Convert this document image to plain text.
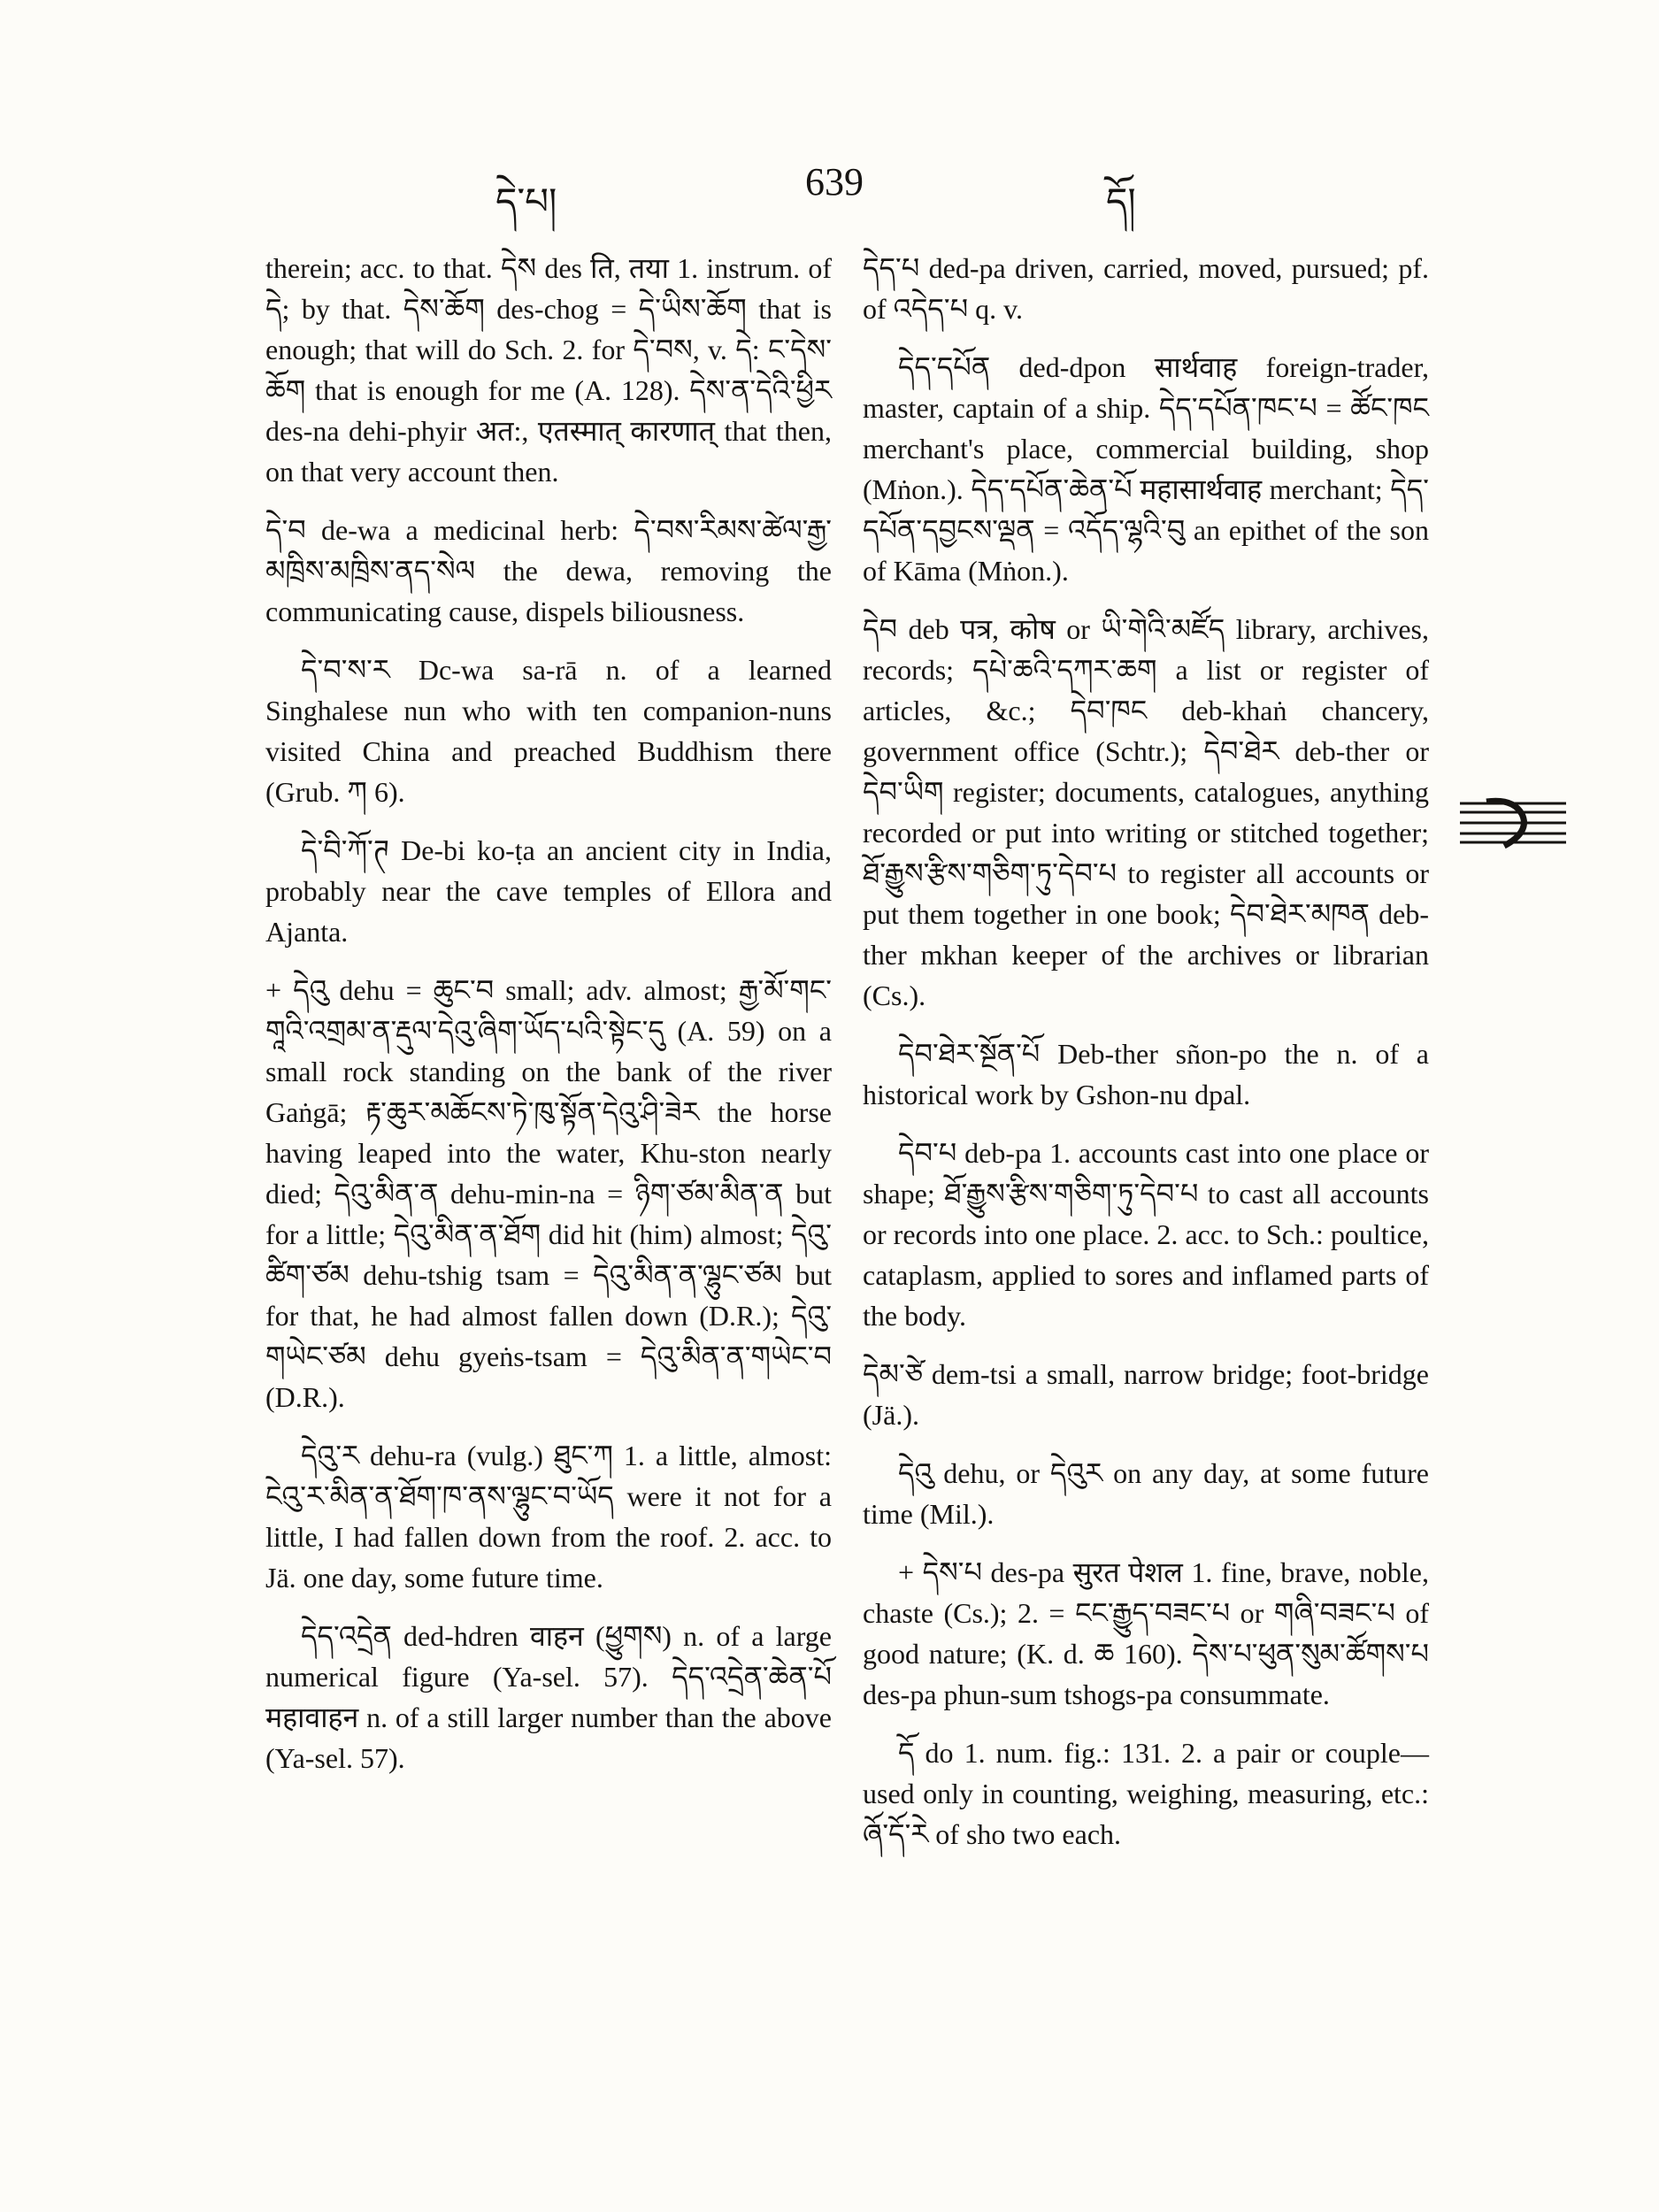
དེ་པ།	639	དོ།

therein; acc. to that. དེས des ति, तया 1. instrum. of དེ; by that. དེས་ཆོག des-chog = དེ་ཡིས་ཆོག that is enough; that will do Sch. 2. for དེ་བས, v. དེ: ང་དེས་ཆོག that is enough for me (A. 128). དེས་ན་དེའི་ཕྱིར des-na dehi-phyir अत:, एतस्मात् कारणात् that then, on that very account then.

དེ་བ de-wa a medicinal herb: དེ་བས་རིམས་ཚེལ་རྒྱ་མཁྲིས་མཁྲིས་ནད་སེལ the dewa, removing the communicating cause, dispels biliousness.

དེ་བ་ས་ར Dc-wa sa-rā n. of a learned Singhalese nun who with ten companion-nuns visited China and preached Buddhism there (Grub. ཀ 6).

དེ་བི་ཀོ་ཊ De-bi ko-ṭa an ancient city in India, probably near the cave temples of Ellora and Ajanta.

+ དེའུ dehu = ཆུང་བ small; adv. almost; རྒྱ་མོ་གང་གཱའི་འགྲམ་ན་རྡུལ་དེའུ་ཞིག་ཡོད་པའི་སྟེང་དུ (A. 59) on a small rock standing on the bank of the river Gaṅgā; རྟ་ཆུར་མཆོངས་ཏེ་ཁུ་སྟོན་དེའུ་ཤི་ཟེར the horse having leaped into the water, Khu-ston nearly died; དེའུ་མིན་ན dehu-min-na = ཉིག་ཙམ་མིན་ན but for a little; དེའུ་མིན་ན་ཐོག did hit (him) almost; དེའུ་ཚིག་ཙམ dehu-tshig tsam = དེའུ་མིན་ན་ལྷུང་ཙམ but for that, he had almost fallen down (D.R.); དེའུ་གཡེང་ཙམ dehu gyeṅs-tsam = དེའུ་མིན་ན་གཡེང་བ (D.R.).

དེའུ་ར dehu-ra (vulg.) ཐུང་ཀ 1. a little, almost: ངེའུ་ར་མིན་ན་ཐོག་ཁ་ནས་ལྷུང་བ་ཡོད were it not for a little, I had fallen down from the roof. 2. acc. to Jä. one day, some future time.

དེད་འདྲེན ded-hdren वाहन (ཕྱུགས) n. of a large numerical figure (Ya-sel. 57). དེད་འདྲེན་ཆེན་པོ महावाहन n. of a still larger number than the above (Ya-sel. 57).

དེད་པ ded-pa driven, carried, moved, pursued; pf. of འདེད་པ q. v.

དེད་དཔོན ded-dpon सार्थवाह foreign-trader, master, captain of a ship. དེད་དཔོན་ཁང་པ = ཚོང་ཁང merchant's place, commercial building, shop (Mṅon.). དེད་དཔོན་ཆེན་པོ महासार्थवाह merchant; དེད་དཔོན་དབྱངས་ལྡན = འདོད་ལྷའི་བུ an epithet of the son of Kāma (Mṅon.).

དེབ deb पत्र, कोष or ཡི་གེའི་མཛོད library, archives, records; དཔེ་ཆའི་དཀར་ཆག a list or register of articles, &c.; དེབ་ཁང deb-khaṅ chancery, government office (Schtr.); དེབ་ཐེར deb-ther or དེབ་ཡིག register; documents, catalogues, anything recorded or put into writing or stitched together; ཐོ་རྒྱུས་རྩིས་གཅིག་ཏུ་དེབ་པ to register all accounts or put them together in one book; དེབ་ཐེར་མཁན deb-ther mkhan keeper of the archives or librarian (Cs.).

དེབ་ཐེར་སྔོན་པོ Deb-ther sñon-po the n. of a historical work by Gshon-nu dpal.

དེབ་པ deb-pa 1. accounts cast into one place or shape; ཐོ་རྒྱུས་རྩིས་གཅིག་ཏུ་དེབ་པ to cast all accounts or records into one place. 2. acc. to Sch.: poultice, cataplasm, applied to sores and inflamed parts of the body.

དེམ་ཙེ dem-tsi a small, narrow bridge; foot-bridge (Jä.).

དེའུ dehu, or དེའུར on any day, at some future time (Mil.).

+ དེས་པ des-pa सुरत पेशल 1. fine, brave, noble, chaste (Cs.); 2. = ངང་རྒྱུད་བཟང་པ or གཞི་བཟང་པ of good nature; (K. d. ཆ 160). དེས་པ་ཕུན་སུམ་ཚོགས་པ des-pa phun-sum tshogs-pa consummate.

དོ do 1. num. fig.: 131. 2. a pair or couple—used only in counting, weighing, measuring, etc.: ཞོ་དོ་རེ of sho two each.
